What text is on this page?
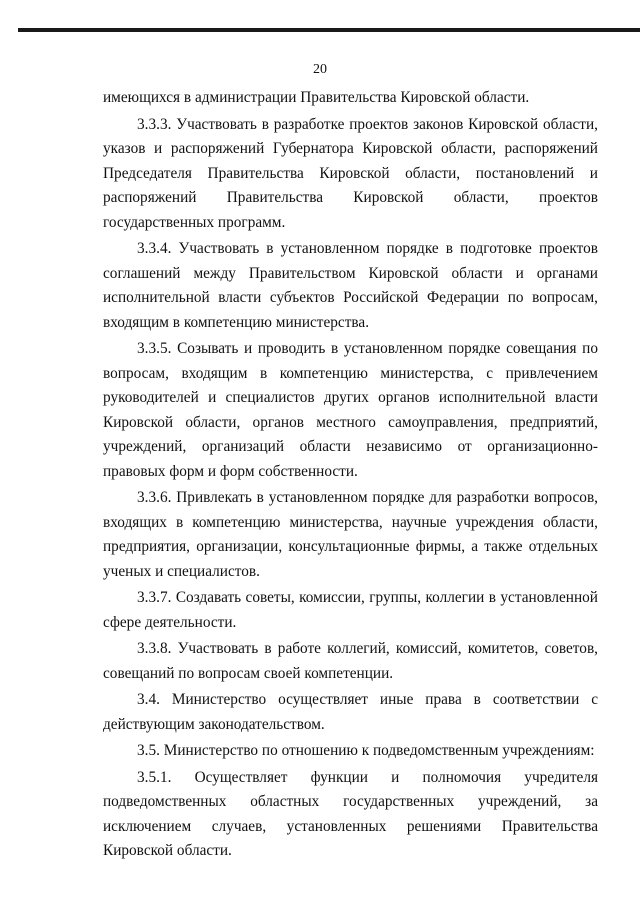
20

имеющихся в администрации Правительства Кировской области.

3.3.3. Участвовать в разработке проектов законов Кировской области, указов и распоряжений Губернатора Кировской области, распоряжений Председателя Правительства Кировской области, постановлений и распоряжений Правительства Кировской области, проектов государственных программ.

3.3.4. Участвовать в установленном порядке в подготовке проектов соглашений между Правительством Кировской области и органами исполнительной власти субъектов Российской Федерации по вопросам, входящим в компетенцию министерства.

3.3.5. Созывать и проводить в установленном порядке совещания по вопросам, входящим в компетенцию министерства, с привлечением руководителей и специалистов других органов исполнительной власти Кировской области, органов местного самоуправления, предприятий, учреждений, организаций области независимо от организационно-правовых форм и форм собственности.

3.3.6. Привлекать в установленном порядке для разработки вопросов, входящих в компетенцию министерства, научные учреждения области, предприятия, организации, консультационные фирмы, а также отдельных ученых и специалистов.

3.3.7. Создавать советы, комиссии, группы, коллегии в установленной сфере деятельности.

3.3.8. Участвовать в работе коллегий, комиссий, комитетов, советов, совещаний по вопросам своей компетенции.

3.4. Министерство осуществляет иные права в соответствии с действующим законодательством.

3.5. Министерство по отношению к подведомственным учреждениям:

3.5.1. Осуществляет функции и полномочия учредителя подведомственных областных государственных учреждений, за исключением случаев, установленных решениями Правительства Кировской области.
